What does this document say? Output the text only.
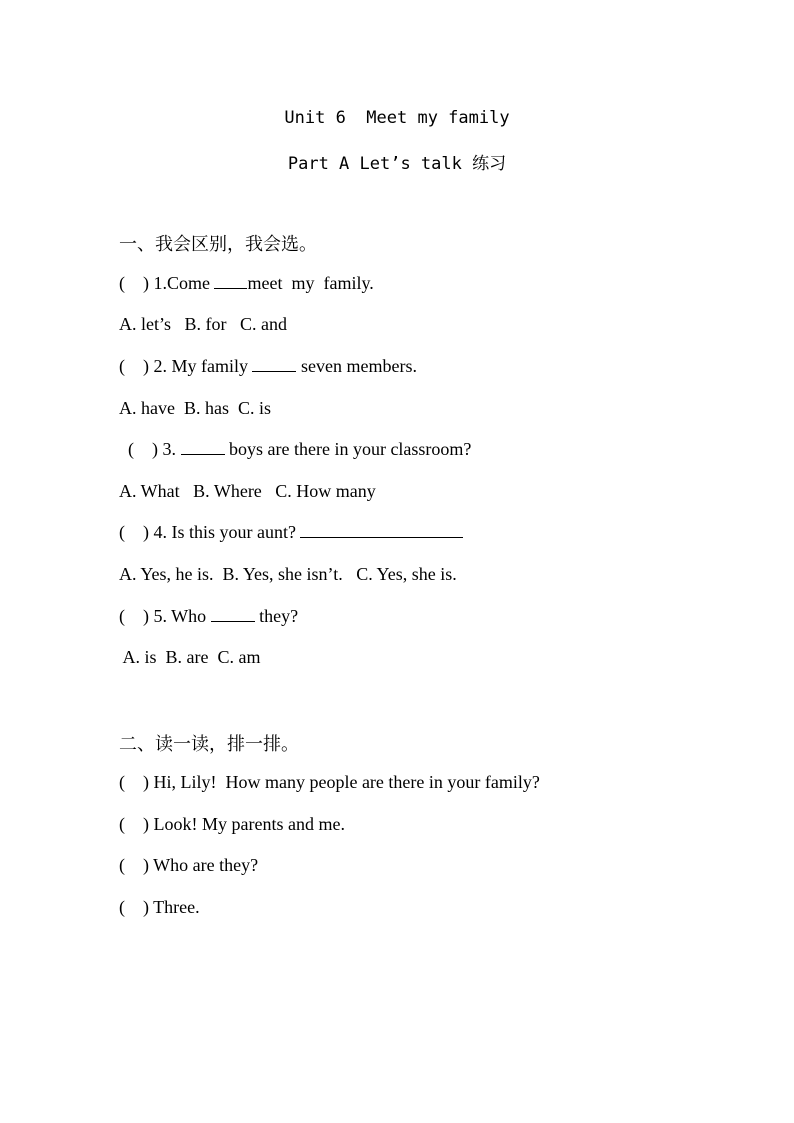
Unit 6  Meet my family
Part A Let’s talk 练习
一、我会区别，我会选。
(    ) 1.Come meet  my  family.
A. let’s   B. for   C. and
(    ) 2. My family  seven members.
A. have  B. has  C. is
(    ) 3.  boys are there in your classroom?
A. What   B. Where   C. How many
(    ) 4. Is this your aunt?
A. Yes, he is.  B. Yes, she isn’t.   C. Yes, she is.
(    ) 5. Who  they?
A. is  B. are  C. am
二、读一读，排一排。
(    ) Hi, Lily!  How many people are there in your family?
(    ) Look! My parents and me.
(    ) Who are they?
(    ) Three.
